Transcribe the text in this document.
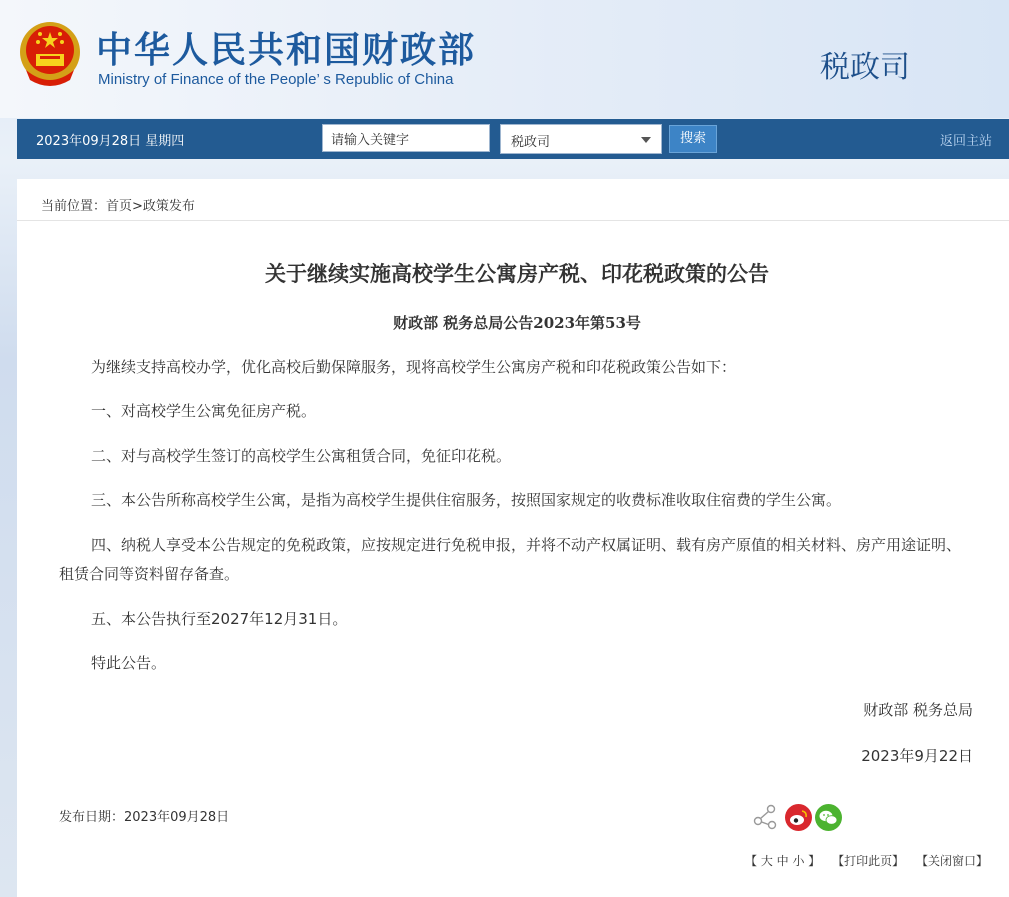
中华人民共和国财政部
Ministry of Finance of the People’ s Republic of China	税政司
2023年09月28日 星期四	请输入关键字	税政司	搜索	返回主站
当前位置：首页>政策发布
关于继续实施高校学生公寓房产税、印花税政策的公告
财政部 税务总局公告2023年第53号
为继续支持高校办学，优化高校后勤保障服务，现将高校学生公寓房产税和印花税政策公告如下：
一、对高校学生公寓免征房产税。
二、对与高校学生签订的高校学生公寓租赁合同，免征印花税。
三、本公告所称高校学生公寓，是指为高校学生提供住宿服务，按照国家规定的收费标准收取住宿费的学生公寓。
四、纳税人享受本公告规定的免税政策，应按规定进行免税申报，并将不动产权属证明、载有房产原值的相关材料、房产用途证明、租赁合同等资料留存备查。
五、本公告执行至2027年12月31日。
特此公告。
财政部 税务总局
2023年9月22日
发布日期：2023年09月28日
【 大 中 小 】 【打印此页】 【关闭窗口】
